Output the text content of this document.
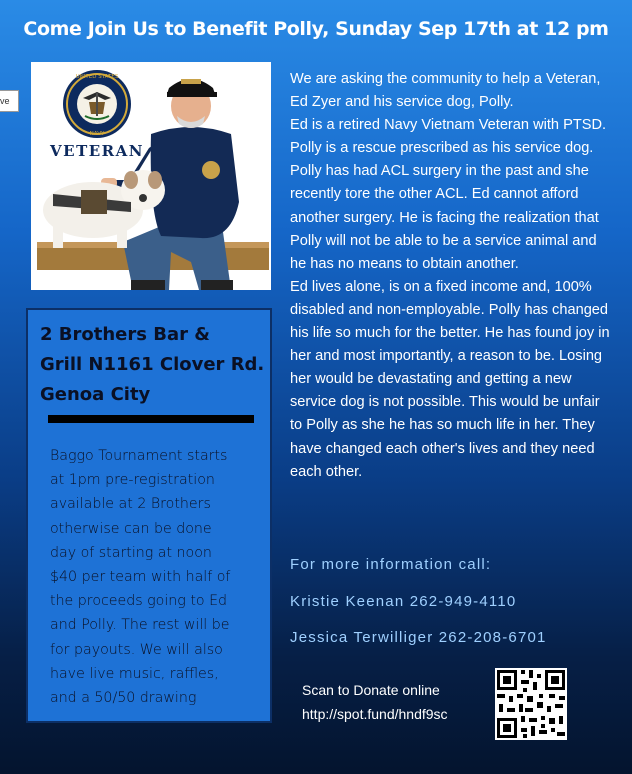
Come Join Us to Benefit Polly, Sunday Sep 17th at 12 pm
ve
UNITED STATES
NAVY
VETERAN
2 Brothers Bar &
Grill N1161 Clover Rd.
Genoa City
Baggo Tournament starts
at 1pm pre-registration
available at 2 Brothers
otherwise can be done
day of starting at noon
$40 per team with half of
the proceeds going to Ed
and Polly. The rest will be
for payouts. We will also
have live music, raffles,
and a 50/50 drawing

We are asking the community to help a Veteran, Ed Zyer and his service dog, Polly.

Ed is a retired Navy Vietnam Veteran with PTSD. Polly is a rescue prescribed as his service dog. Polly has had ACL surgery in the past and she recently tore the other ACL. Ed cannot afford another surgery. He is facing the realization that Polly will not be able to be a service animal and he has no means to obtain another.

Ed lives alone, is on a fixed income and, 100% disabled and non-employable. Polly has changed his life so much for the better. He has found joy in her and most importantly, a reason to be. Losing her would be devastating and getting a new service dog is not possible. This would be unfair to Polly as she he has so much life in her. They have changed each other's lives and they need each other.

For more information call:
Kristie Keenan 262-949-4110
Jessica Terwilliger 262-208-6701
Scan to Donate online
http://spot.fund/hndf9sc
